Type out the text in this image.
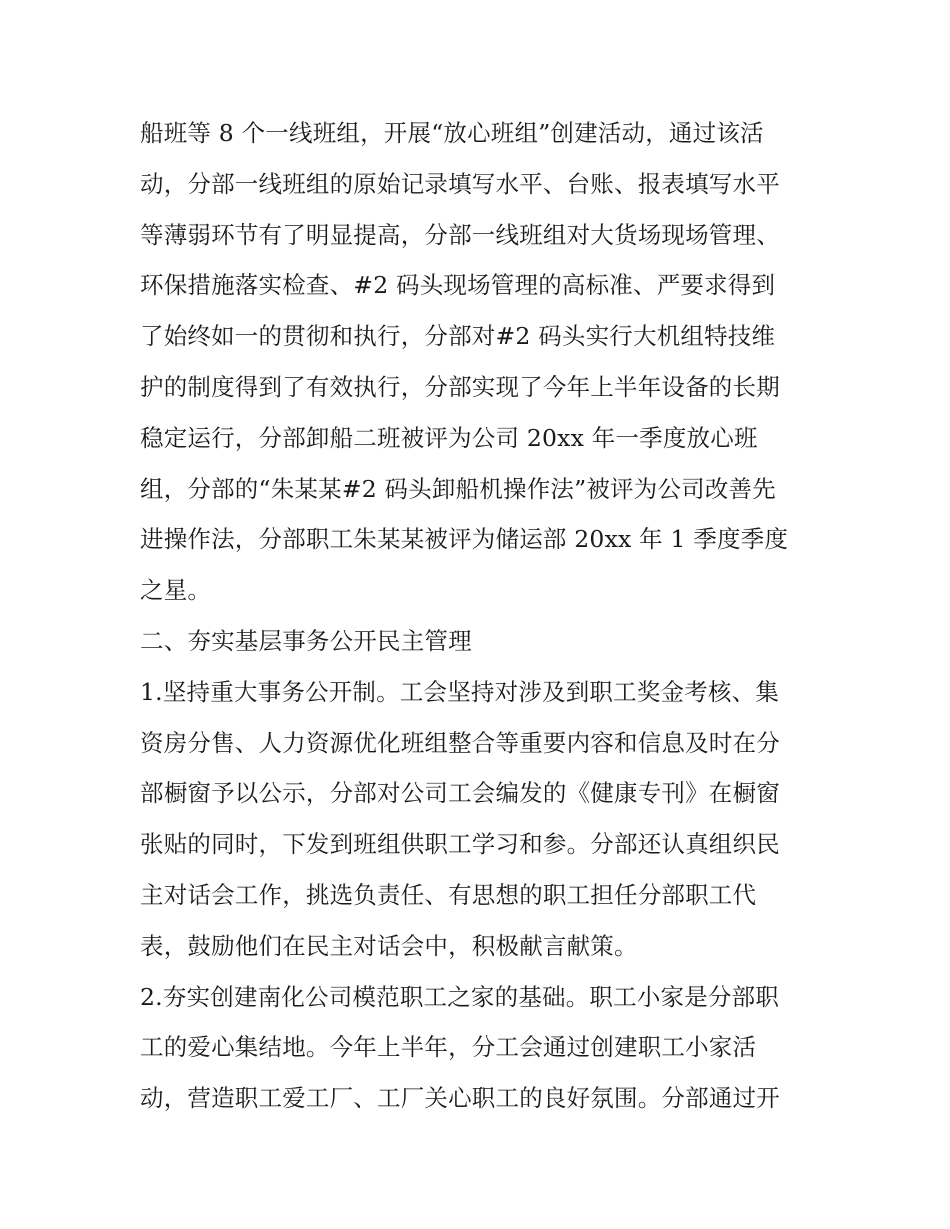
船班等 8 个一线班组，开展“放心班组”创建活动，通过该活
动，分部一线班组的原始记录填写水平、台账、报表填写水平
等薄弱环节有了明显提高，分部一线班组对大货场现场管理、
环保措施落实检查、#2 码头现场管理的高标准、严要求得到
了始终如一的贯彻和执行，分部对#2 码头实行大机组特技维
护的制度得到了有效执行，分部实现了今年上半年设备的长期
稳定运行，分部卸船二班被评为公司 20xx 年一季度放心班
组，分部的“朱某某#2 码头卸船机操作法”被评为公司改善先
进操作法，分部职工朱某某被评为储运部 20xx 年 1 季度季度
之星。
二、夯实基层事务公开民主管理
1.坚持重大事务公开制。工会坚持对涉及到职工奖金考核、集
资房分售、人力资源优化班组整合等重要内容和信息及时在分
部橱窗予以公示，分部对公司工会编发的《健康专刊》在橱窗
张贴的同时，下发到班组供职工学习和参。分部还认真组织民
主对话会工作，挑选负责任、有思想的职工担任分部职工代
表，鼓励他们在民主对话会中，积极献言献策。
2.夯实创建南化公司模范职工之家的基础。职工小家是分部职
工的爱心集结地。今年上半年，分工会通过创建职工小家活
动，营造职工爱工厂、工厂关心职工的良好氛围。分部通过开
